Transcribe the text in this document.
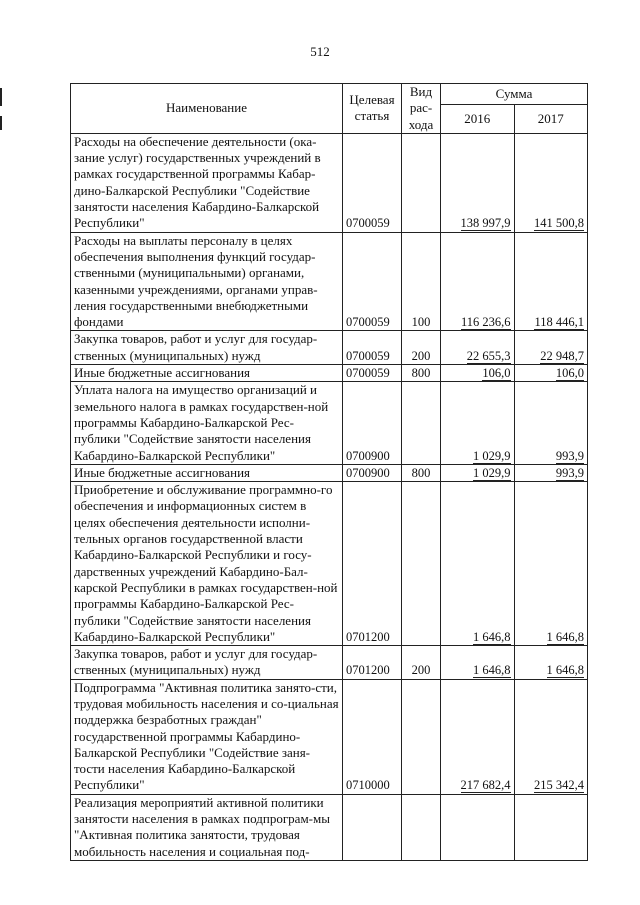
512
Наименование	Целевая статья	Вид рас-хода	Сумма	
			2016	2017
Расходы на обеспечение деятельности (ока-зание услуг) государственных учреждений в рамках государственной программы Кабар-дино-Балкарской Республики "Содействие занятости населения Кабардино-Балкарской Республики"	0700059		138 997,9	141 500,8
Расходы на выплаты персоналу в целях обеспечения выполнения функций государ-ственными (муниципальными) органами, казенными учреждениями, органами управ-ления государственными внебюджетными фондами	0700059	100	116 236,6	118 446,1
Закупка товаров, работ и услуг для государ-ственных (муниципальных) нужд	0700059	200	22 655,3	22 948,7
Иные бюджетные ассигнования	0700059	800	106,0	106,0
Уплата налога на имущество организаций и земельного налога в рамках государствен-ной программы Кабардино-Балкарской Рес-публики "Содействие занятости населения Кабардино-Балкарской Республики"	0700900		1 029,9	993,9
Иные бюджетные ассигнования	0700900	800	1 029,9	993,9
Приобретение и обслуживание программно-го обеспечения и информационных систем в целях обеспечения деятельности исполни-тельных органов государственной власти Кабардино-Балкарской Республики и госу-дарственных учреждений Кабардино-Бал-карской Республики в рамках государствен-ной программы Кабардино-Балкарской Рес-публики "Содействие занятости населения Кабардино-Балкарской Республики"	0701200		1 646,8	1 646,8
Закупка товаров, работ и услуг для государ-ственных (муниципальных) нужд	0701200	200	1 646,8	1 646,8
Подпрограмма "Активная политика занято-сти, трудовая мобильность населения и со-циальная поддержка безработных граждан" государственной программы Кабардино-Балкарской Республики "Содействие заня-тости населения Кабардино-Балкарской Республики"	0710000		217 682,4	215 342,4
Реализация мероприятий активной политики занятости населения в рамках подпрограм-мы "Активная политика занятости, трудовая мобильность населения и социальная под-				
